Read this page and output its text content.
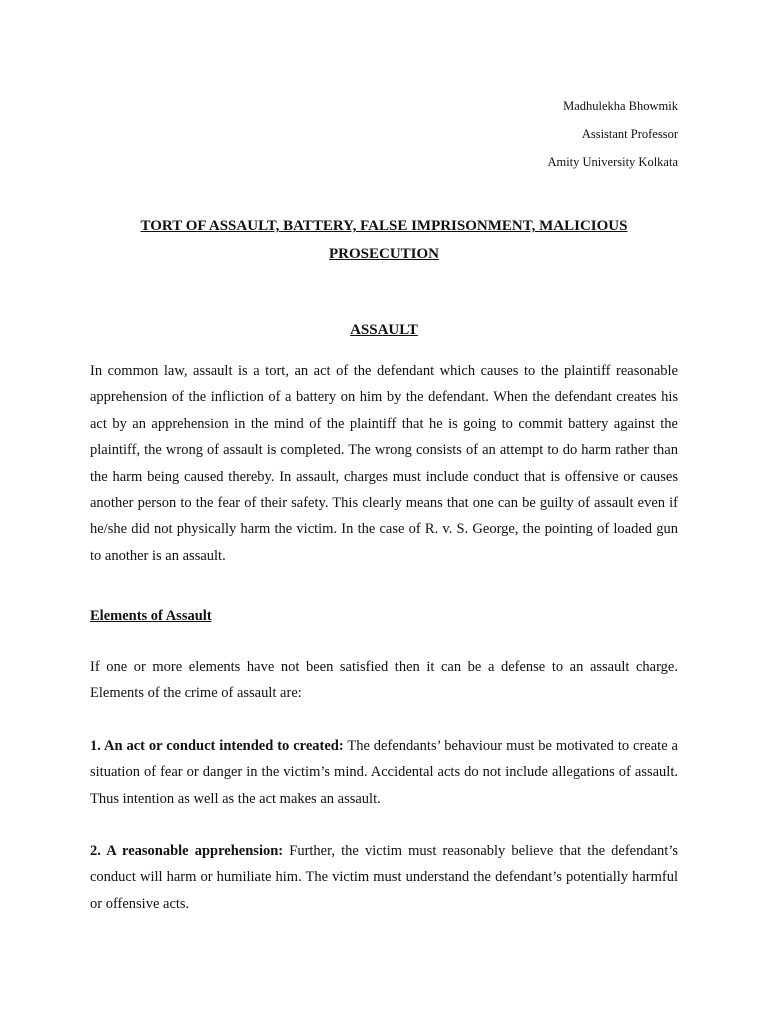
Madhulekha Bhowmik
Assistant Professor
Amity University Kolkata
TORT OF ASSAULT, BATTERY, FALSE IMPRISONMENT, MALICIOUS PROSECUTION
ASSAULT
In common law, assault is a tort, an act of the defendant which causes to the plaintiff reasonable apprehension of the infliction of a battery on him by the defendant. When the defendant creates his act by an apprehension in the mind of the plaintiff that he is going to commit battery against the plaintiff, the wrong of assault is completed. The wrong consists of an attempt to do harm rather than the harm being caused thereby. In assault, charges must include conduct that is offensive or causes another person to the fear of their safety. This clearly means that one can be guilty of assault even if he/she did not physically harm the victim. In the case of R. v. S. George, the pointing of loaded gun to another is an assault.
Elements of Assault
If one or more elements have not been satisfied then it can be a defense to an assault charge. Elements of the crime of assault are:
1. An act or conduct intended to created: The defendants’ behaviour must be motivated to create a situation of fear or danger in the victim’s mind. Accidental acts do not include allegations of assault. Thus intention as well as the act makes an assault.
2. A reasonable apprehension: Further, the victim must reasonably believe that the defendant’s conduct will harm or humiliate him. The victim must understand the defendant’s potentially harmful or offensive acts.
